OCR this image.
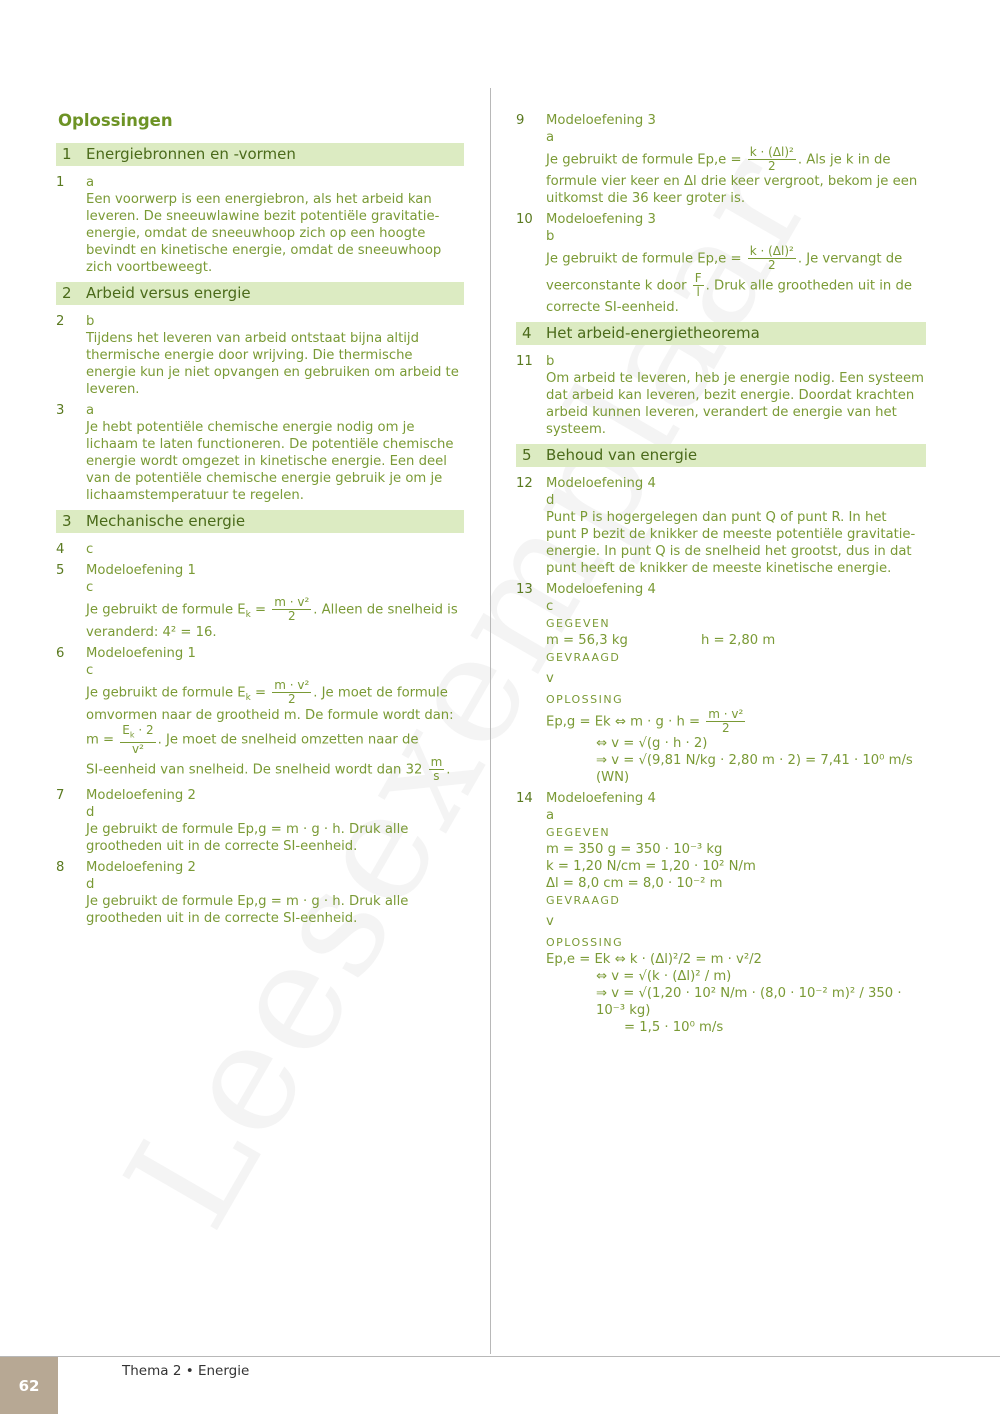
Oplossingen
1 Energiebronnen en -vormen
1	a
Een voorwerp is een energiebron, als het arbeid kan
leveren. De sneeuwlawine bezit potentiële gravitatie-
energie, omdat de sneeuwhoop zich op een hoogte
bevindt en kinetische energie, omdat de sneeuwhoop
zich voortbeweegt.
2 Arbeid versus energie
2	b
Tijdens het leveren van arbeid ontstaat bijna altijd
thermische energie door wrijving. Die thermische
energie kun je niet opvangen en gebruiken om arbeid te
leveren.
3	a
Je hebt potentiële chemische energie nodig om je
lichaam te laten functioneren. De potentiële chemische
energie wordt omgezet in kinetische energie. Een deel
van de potentiële chemische energie gebruik je om je
lichaamstemperatuur te regelen.
3 Mechanische energie
4	c
5	Modeloefening 1
c
Je gebruikt de formule $E_k = \frac{\text{m · v²}}{2}$ . Alleen de snelheid is
veranderd: 4² = 16.
6	Modeloefening 1
c
Je gebruikt de formule $E_k = \frac{\text{m · v²}}{2}$ . Je moet de formule
omvormen naar de grootheid m. De formule wordt dan:
$m = \frac{E_k \cdot 2}{\text{v²}}$ . Je moet de snelheid omzetten naar de
SI-eenheid van snelheid. De snelheid wordt dan $32 \frac{m}{s}$ .
7	Modeloefening 2
d
Je gebruikt de formule Ep,g = m · g · h. Druk alle
grootheden uit in de correcte SI-eenheid.
8	Modeloefening 2
d
Je gebruikt de formule Ep,g = m · g · h. Druk alle
grootheden uit in de correcte SI-eenheid.
9	Modeloefening 3
a
Je gebruikt de formule $Ep,e = \frac{\text{k · (Δl)²}}{2}$ . Als je k in de
formule vier keer en Δl drie keer vergroot, bekom je een
uitkomst die 36 keer groter is.
10	Modeloefening 3
b
Je gebruikt de formule $Ep,e = \frac{\text{k · (Δl)²}}{2}$ . Je vervangt de
veerconstante k door $\frac{F}{l}$ . Druk alle grootheden uit in de
correcte SI-eenheid.
4 Het arbeid-energietheorema
11	b
Om arbeid te leveren, heb je energie nodig. Een systeem
dat arbeid kan leveren, bezit energie. Doordat krachten
arbeid kunnen leveren, verandert de energie van het
systeem.
5 Behoud van energie
12	Modeloefening 4
d
Punt P is hogergelegen dan punt Q of punt R. In het
punt P bezit de knikker de meeste potentiële gravitatie-
energie. In punt Q is de snelheid het grootst, dus in dat
punt heeft de knikker de meeste kinetische energie.
13	Modeloefening 4
c
GEGEVEN
m = 56,3 kg	h = 2,80 m
GEVRAAGD
v
OPLOSSING
Ep,g = Ek ⇔ $m \cdot g \cdot h = \frac{\text{m · v²}}{2}$
⇔ v = √(g · h · 2)
⇒ v = √(9,81 N/kg · 2,80 m · 2) = 7,41 · 10⁰ m/s (WN)
14	Modeloefening 4
a
GEGEVEN
m = 350 g = 350 · 10⁻³ kg
k = 1,20 N/cm = 1,20 · 10² N/m
Δl = 8,0 cm = 8,0 · 10⁻² m
GEVRAAGD
v
OPLOSSING
Ep,e = Ek ⇔ k · (Δl)²/2 = m · v²/2
⇔ v = √(k · (Δl)² / m)
⇒ v = √(1,20 · 10² N/m · (8,0 · 10⁻² m)² / 350 · 10⁻³ kg)
= 1,5 · 10⁰ m/s
62
Thema 2 • Energie
